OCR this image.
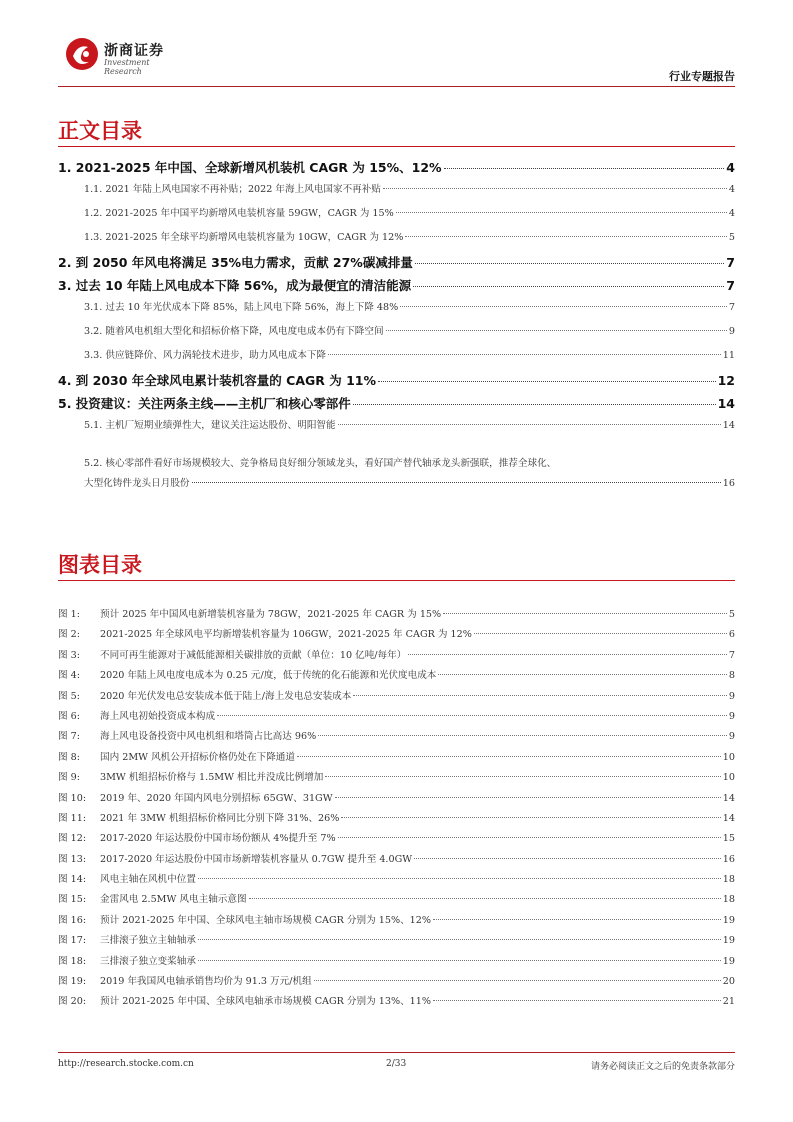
浙商证券
Investment Research	行业专题报告
正文目录
1. 2021-2025 年中国、全球新增风机装机 CAGR 为 15%、12%	4
1.1. 2021 年陆上风电国家不再补贴；2022 年海上风电国家不再补贴	4
1.2. 2021-2025 年中国平均新增风电装机容量 59GW，CAGR 为 15%	4
1.3. 2021-2025 年全球平均新增风电装机容量为 10GW，CAGR 为 12%	5
2. 到 2050 年风电将满足 35%电力需求，贡献 27%碳减排量	7
3. 过去 10 年陆上风电成本下降 56%，成为最便宜的清洁能源	7
3.1. 过去 10 年光伏成本下降 85%，陆上风电下降 56%，海上下降 48%	7
3.2. 随着风电机组大型化和招标价格下降，风电度电成本仍有下降空间	9
3.3. 供应链降价、风力涡轮技术进步，助力风电成本下降	11
4. 到 2030 年全球风电累计装机容量的 CAGR 为 11%	12
5. 投资建议：关注两条主线——主机厂和核心零部件	14
5.1. 主机厂短期业绩弹性大，建议关注运达股份、明阳智能	14
5.2. 核心零部件看好市场规模较大、竞争格局良好细分领域龙头，看好国产替代轴承龙头新强联，推荐全球化、
大型化铸件龙头日月股份	16
图表目录
图 1:	预计 2025 年中国风电新增装机容量为 78GW，2021-2025 年 CAGR 为 15%	5
图 2:	2021-2025 年全球风电平均新增装机容量为 106GW，2021-2025 年 CAGR 为 12%	6
图 3:	不同可再生能源对于减低能源相关碳排放的贡献（单位：10 亿吨/每年）	7
图 4:	2020 年陆上风电度电成本为 0.25 元/度，低于传统的化石能源和光伏度电成本	8
图 5:	2020 年光伏发电总安装成本低于陆上/海上发电总安装成本	9
图 6:	海上风电初始投资成本构成	9
图 7:	海上风电设备投资中风电机组和塔筒占比高达 96%	9
图 8:	国内 2MW 风机公开招标价格仍处在下降通道	10
图 9:	3MW 机组招标价格与 1.5MW 相比并没成比例增加	10
图 10:	2019 年、2020 年国内风电分别招标 65GW、31GW	14
图 11:	2021 年 3MW 机组招标价格同比分别下降 31%、26%	14
图 12:	2017-2020 年运达股份中国市场份额从 4%提升至 7%	15
图 13:	2017-2020 年运达股份中国市场新增装机容量从 0.7GW 提升至 4.0GW	16
图 14:	风电主轴在风机中位置	18
图 15:	金雷风电 2.5MW 风电主轴示意图	18
图 16:	预计 2021-2025 年中国、全球风电主轴市场规模 CAGR 分别为 15%、12%	19
图 17:	三排滚子独立主轴轴承	19
图 18:	三排滚子独立变桨轴承	19
图 19:	2019 年我国风电轴承销售均价为 91.3 万元/机组	20
图 20:	预计 2021-2025 年中国、全球风电轴承市场规模 CAGR 分别为 13%、11%	21
http://research.stocke.com.cn	2/33	请务必阅读正文之后的免责条款部分
